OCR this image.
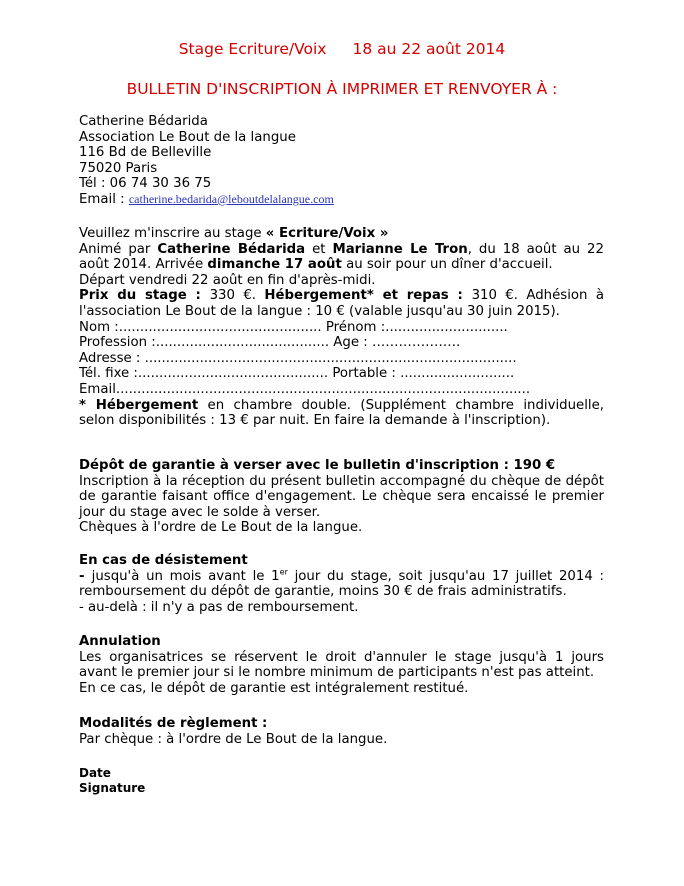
Stage Ecriture/Voix 18 au 22 août 2014
BULLETIN D'INSCRIPTION À IMPRIMER ET RENVOYER À :
Catherine Bédarida
Association Le Bout de la langue
116 Bd de Belleville
75020 Paris
Tél : 06 74 30 36 75
Email : catherine.bedarida@leboutdelalangue.com
Veuillez m'inscrire au stage « Ecriture/Voix »
Animé par Catherine Bédarida et Marianne Le Tron, du 18 août au 22 août 2014. Arrivée dimanche 17 août au soir pour un dîner d'accueil.
Départ vendredi 22 août en fin d'après-midi.
Prix du stage : 330 €. Hébergement* et repas : 310 €. Adhésion à l'association Le Bout de la langue : 10 € (valable jusqu'au 30 juin 2015).
Nom :................................................ Prénom :.............................
Profession :......................................... Age : ………………..
Adresse : ........................................................................................
Tél. fixe :............................................. Portable : ...........................
Émail..................................................................................................
* Hébergement en chambre double. (Supplément chambre individuelle, selon disponibilités : 13 € par nuit. En faire la demande à l'inscription).
Dépôt de garantie à verser avec le bulletin d'inscription : 190 €
Inscription à la réception du présent bulletin accompagné du chèque de dépôt de garantie faisant office d'engagement. Le chèque sera encaissé le premier jour du stage avec le solde à verser.
Chèques à l'ordre de Le Bout de la langue.
En cas de désistement
- jusqu'à un mois avant le 1er jour du stage, soit jusqu'au 17 juillet 2014 : remboursement du dépôt de garantie, moins 30 € de frais administratifs.
- au-delà : il n'y a pas de remboursement.
Annulation
Les organisatrices se réservent le droit d'annuler le stage jusqu'à 1 jours avant le premier jour si le nombre minimum de participants n'est pas atteint.
En ce cas, le dépôt de garantie est intégralement restitué.
Modalités de règlement :
Par chèque : à l'ordre de Le Bout de la langue.
Date
Signature
